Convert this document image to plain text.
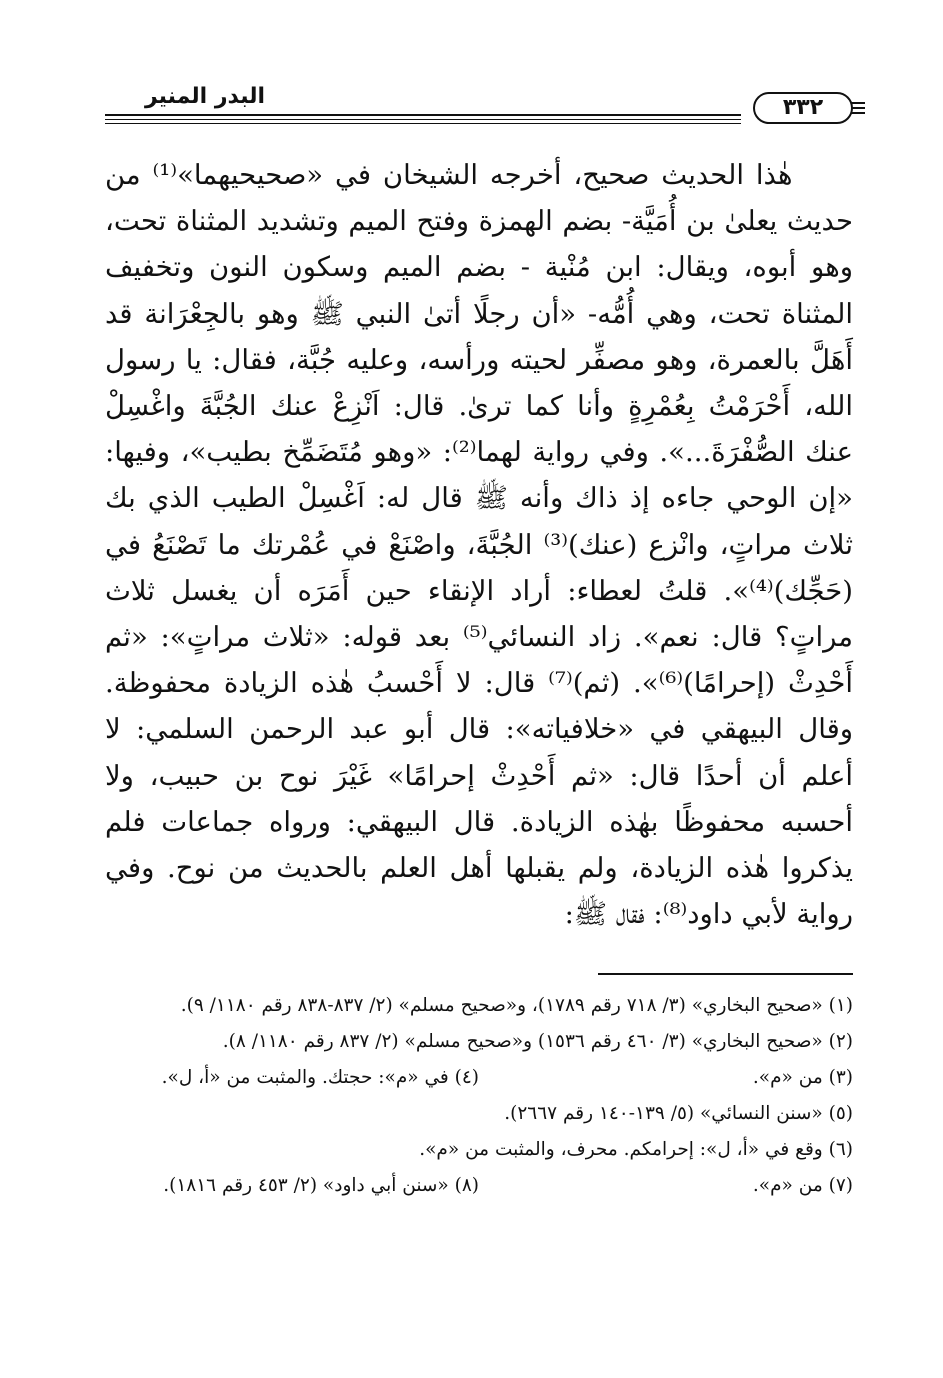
البدر المنير	٣٣٢

هٰذا الحديث صحيح، أخرجه الشيخان في «صحيحيهما»⁽¹⁾ من حديث يعلىٰ بن أُمَيَّة- بضم الهمزة وفتح الميم وتشديد المثناة تحت، وهو أبوه، ويقال: ابن مُنْية - بضم الميم وسكون النون وتخفيف المثناة تحت، وهي أُمُّه- «أن رجلًا أتىٰ النبي ﷺ وهو بالجِعْرَانة قد أَهَلَّ بالعمرة، وهو مصفِّر لحيته ورأسه، وعليه جُبَّة، فقال: يا رسول الله، أَحْرَمْتُ بِعُمْرِةٍ وأنا كما ترىٰ. قال: اَنْزِعْ عنك الجُبَّةَ واغْسِلْ عنك الصُّفْرَةَ...». وفي رواية لهما⁽²⁾: «وهو مُتَضَمِّخ بطيب»، وفيها: «إن الوحي جاءه إذ ذاك وأنه ﷺ قال له: اَغْسِلْ الطيب الذي بك ثلاث مراتٍ، وانْزع (عنك)⁽³⁾ الجُبَّةَ، واصْنَعْ في عُمْرتك ما تَصْنَعُ في (حَجِّك)⁽⁴⁾». قلتُ لعطاء: أراد الإنقاء حين أَمَرَه أن يغسل ثلاث مراتٍ؟ قال: نعم». زاد النسائي⁽⁵⁾ بعد قوله: «ثلاث مراتٍ»: «ثم أَحْدِثْ (إحرامًا)⁽⁶⁾». (ثم)⁽⁷⁾ قال: لا أَحْسبُ هٰذه الزيادة محفوظة. وقال البيهقي في «خلافياته»: قال أبو عبد الرحمن السلمي: لا أعلم أن أحدًا قال: «ثم أَحْدِثْ إحرامًا» غَيْرَ نوح بن حبيب، ولا أحسبه محفوظًا بهٰذه الزيادة. قال البيهقي: ورواه جماعات فلم يذكروا هٰذه الزيادة، ولم يقبلها أهل العلم بالحديث من نوح. وفي رواية لأبي داود⁽⁸⁾: فقال ﷺ:

(١) «صحيح البخاري» (٣/ ٧١٨ رقم ١٧٨٩)، و«صحيح مسلم» (٢/ ٨٣٧-٨٣٨ رقم ١١٨٠/ ٩).

(٢) «صحيح البخاري» (٣/ ٤٦٠ رقم ١٥٣٦) و«صحيح مسلم» (٢/ ٨٣٧ رقم ١١٨٠/ ٨).

(٣) من «م».

(٤) في «م»: حجتك. والمثبت من «أ، ل».

(٥) «سنن النسائي» (٥/ ١٣٩-١٤٠ رقم ٢٦٦٧).

(٦) وقع في «أ، ل»: إحرامكم. محرف، والمثبت من «م».

(٧) من «م».

(٨) «سنن أبي داود» (٢/ ٤٥٣ رقم ١٨١٦).
